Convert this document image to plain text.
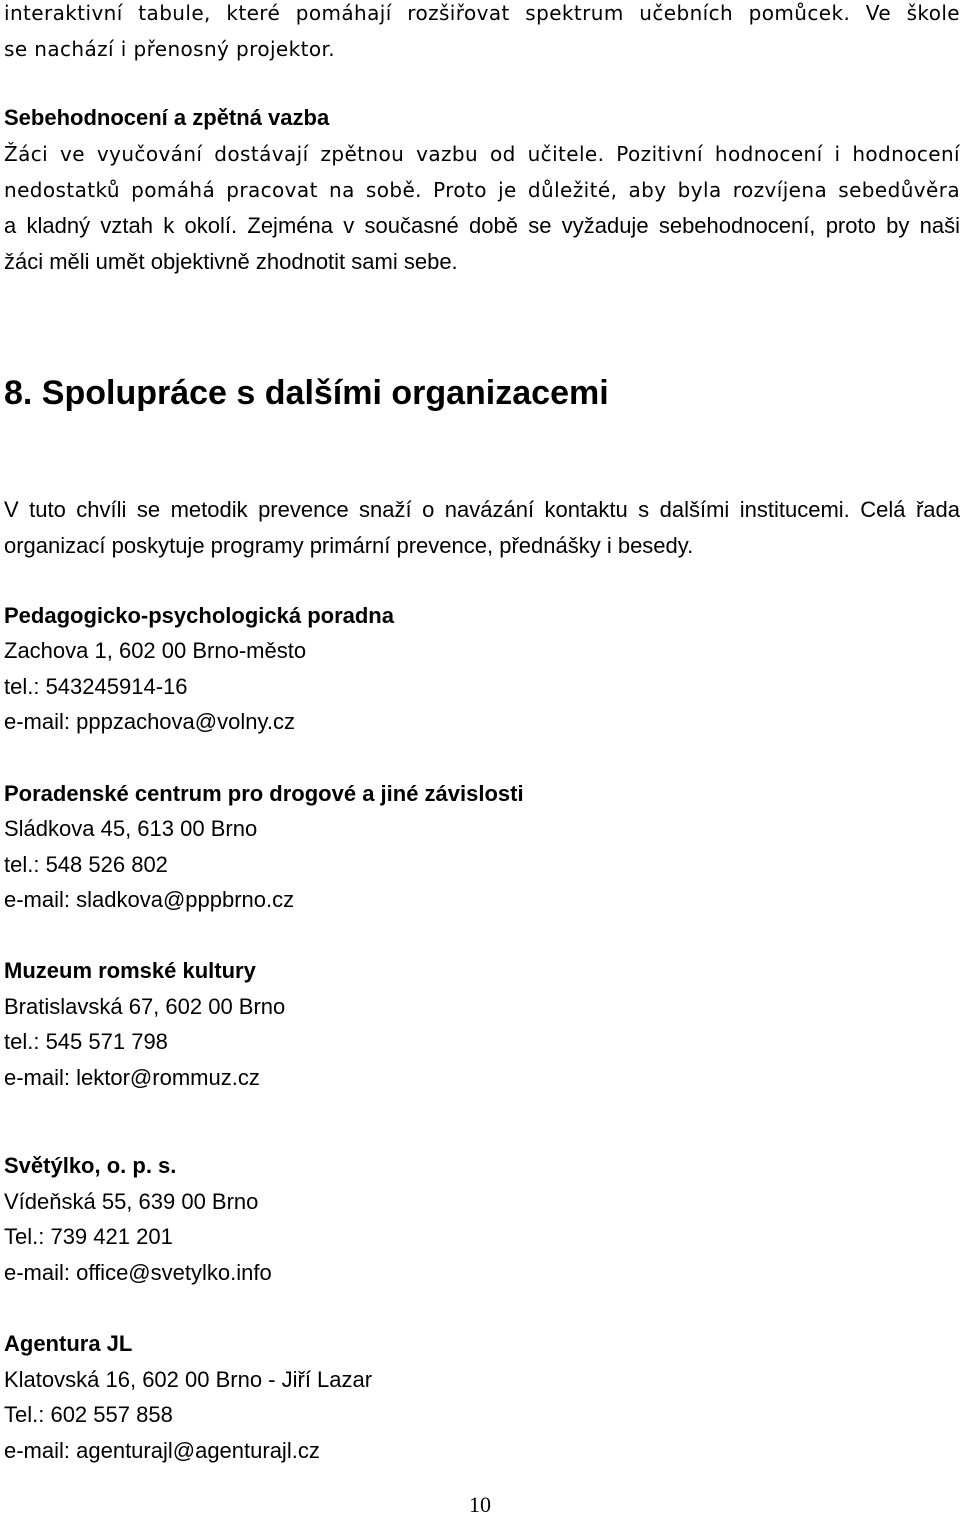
interaktivní tabule, které pomáhají rozšiřovat spektrum učebních pomůcek. Ve škole

se nachází i přenosný projektor.

Sebehodnocení a zpětná vazba

Žáci ve vyučování dostávají zpětnou vazbu od učitele. Pozitivní hodnocení i hodnocení

nedostatků pomáhá pracovat na sobě. Proto je důležité, aby byla rozvíjena sebedůvěra

a kladný vztah k okolí. Zejména v současné době se vyžaduje sebehodnocení, proto by naši

žáci měli umět objektivně zhodnotit sami sebe.

8. Spolupráce s dalšími organizacemi

V tuto chvíli se metodik prevence snaží o navázání kontaktu s dalšími institucemi. Celá řada

organizací poskytuje programy primární prevence, přednášky i besedy.

Pedagogicko-psychologická poradna

Zachova 1, 602 00 Brno-město

tel.: 543245914-16

e-mail: pppzachova@volny.cz

Poradenské centrum pro drogové a jiné závislosti

Sládkova 45, 613 00 Brno

tel.: 548 526 802

e-mail: sladkova@pppbrno.cz

Muzeum romské kultury

Bratislavská 67, 602 00 Brno

tel.: 545 571 798

e-mail: lektor@rommuz.cz

Světýlko, o. p. s.

Vídeňská 55, 639 00 Brno

Tel.: 739 421 201

e-mail: office@svetylko.info

Agentura JL

Klatovská 16, 602 00 Brno - Jiří Lazar

Tel.: 602 557 858

e-mail: agenturajl@agenturajl.cz

10
